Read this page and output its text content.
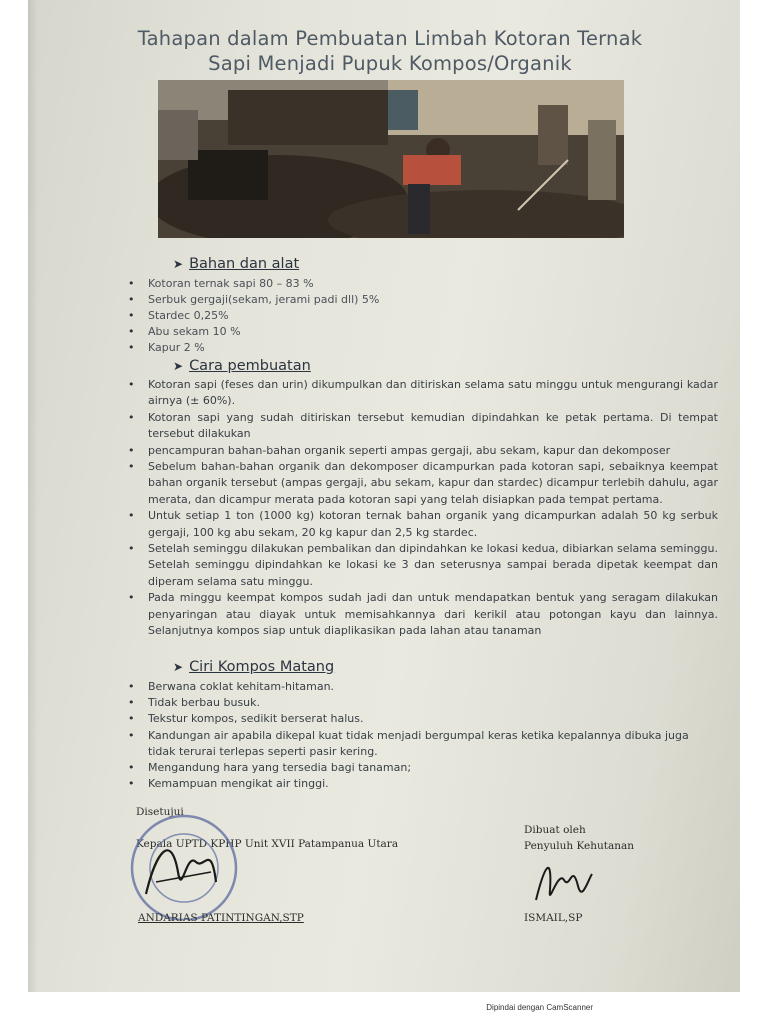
Tahapan dalam Pembuatan Limbah Kotoran Ternak
Sapi Menjadi Pupuk Kompos/Organik
➤ Bahan dan alat
• Kotoran ternak sapi 80 – 83 %
• Serbuk gergaji(sekam, jerami padi dll) 5%
• Stardec 0,25%
• Abu sekam 10 %
• Kapur 2 %
➤ Cara pembuatan
• Kotoran sapi (feses dan urin) dikumpulkan dan ditiriskan selama satu minggu untuk mengurangi kadar airnya (± 60%).
• Kotoran sapi yang sudah ditiriskan tersebut kemudian dipindahkan ke petak pertama. Di tempat tersebut dilakukan
• pencampuran bahan-bahan organik seperti ampas gergaji, abu sekam, kapur dan dekomposer
• Sebelum bahan-bahan organik dan dekomposer dicampurkan pada kotoran sapi, sebaiknya keempat bahan organik tersebut (ampas gergaji, abu sekam, kapur dan stardec) dicampur terlebih dahulu, agar merata, dan dicampur merata pada kotoran sapi yang telah disiapkan pada tempat pertama.
• Untuk setiap 1 ton (1000 kg) kotoran ternak bahan organik yang dicampurkan adalah 50 kg serbuk gergaji, 100 kg abu sekam, 20 kg kapur dan 2,5 kg stardec.
• Setelah seminggu dilakukan pembalikan dan dipindahkan ke lokasi kedua, dibiarkan selama seminggu. Setelah seminggu dipindahkan ke lokasi ke 3 dan seterusnya sampai berada dipetak keempat dan diperam selama satu minggu.
• Pada minggu keempat kompos sudah jadi dan untuk mendapatkan bentuk yang seragam dilakukan penyaringan atau diayak untuk memisahkannya dari kerikil atau potongan kayu dan lainnya. Selanjutnya kompos siap untuk diaplikasikan pada lahan atau tanaman
➤ Ciri Kompos Matang
• Berwana coklat kehitam-hitaman.
• Tidak berbau busuk.
• Tekstur kompos, sedikit berserat halus.
• Kandungan air apabila dikepal kuat tidak menjadi bergumpal keras ketika kepalannya dibuka juga tidak terurai terlepas seperti pasir kering.
• Mengandung hara yang tersedia bagi tanaman;
• Kemampuan mengikat air tinggi.
Disetujui
Kepala UPTD KPHP Unit XVII Patampanua Utara
ANDARIAS PATINTINGAN,STP
Dibuat oleh
Penyuluh Kehutanan
ISMAIL,SP
Dipindai dengan CamScanner
